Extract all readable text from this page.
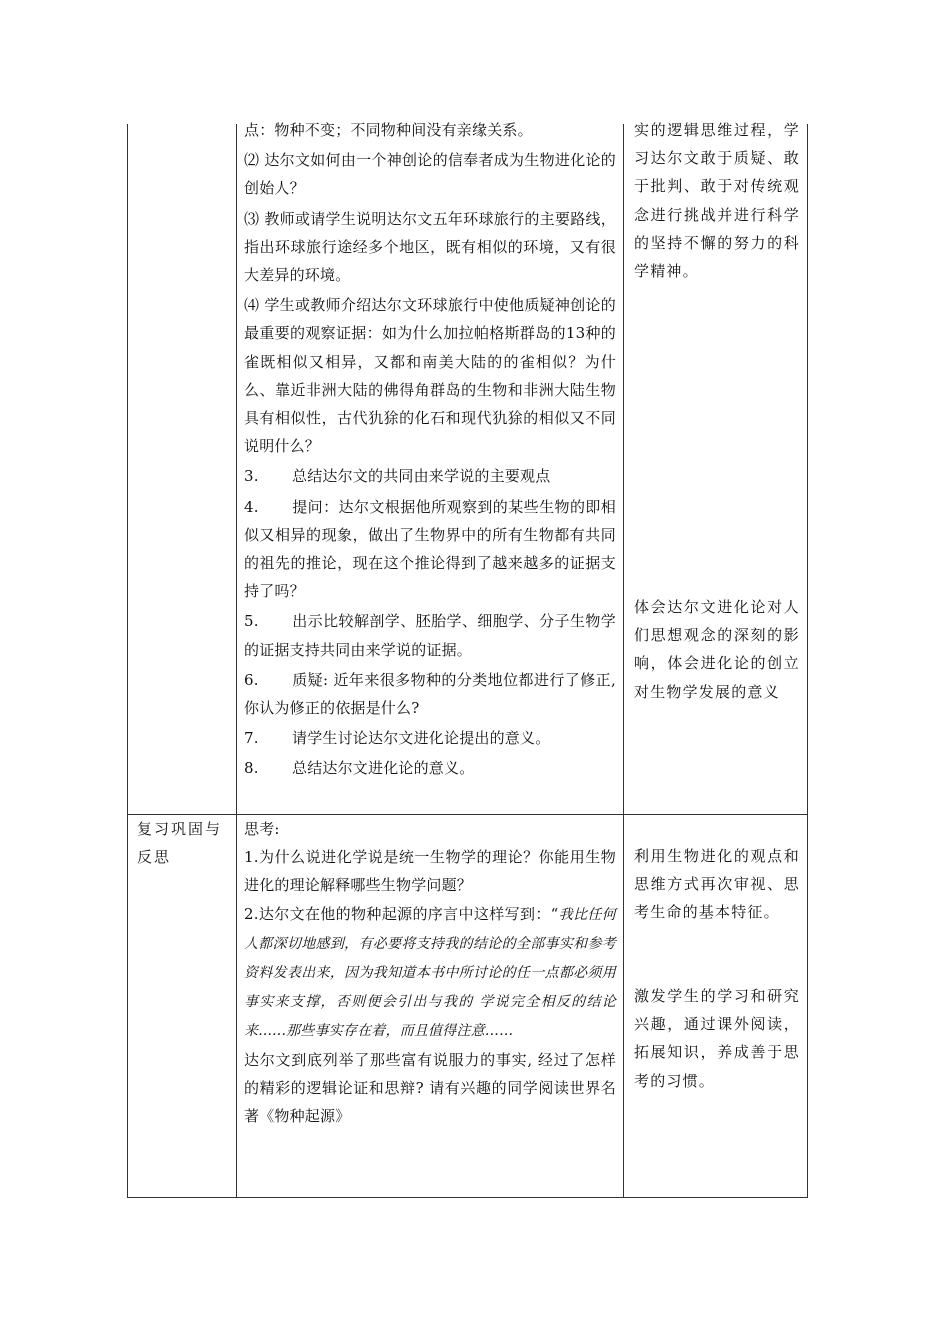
点：物种不变；不同物种间没有亲缘关系。

⑵ 达尔文如何由一个神创论的信奉者成为生物进化论的创始人？

⑶ 教师或请学生说明达尔文五年环球旅行的主要路线，指出环球旅行途经多个地区，既有相似的环境，又有很大差异的环境。

⑷ 学生或教师介绍达尔文环球旅行中使他质疑神创论的最重要的观察证据：如为什么加拉帕格斯群岛的13种的雀既相似又相异，又都和南美大陆的的雀相似？为什么、靠近非洲大陆的佛得角群岛的生物和非洲大陆生物具有相似性，古代犰狳的化石和现代犰狳的相似又不同说明什么？

3. 总结达尔文的共同由来学说的主要观点

4. 提问：达尔文根据他所观察到的某些生物的即相似又相异的现象，做出了生物界中的所有生物都有共同的祖先的推论，现在这个推论得到了越来越多的证据支持了吗？

5. 出示比较解剖学、胚胎学、细胞学、分子生物学的证据支持共同由来学说的证据。

6. 质疑: 近年来很多物种的分类地位都进行了修正,你认为修正的依据是什么?

7. 请学生讨论达尔文进化论提出的意义。

8. 总结达尔文进化论的意义。

实的逻辑思维过程，学习达尔文敢于质疑、敢于批判、敢于对传统观念进行挑战并进行科学的坚持不懈的努力的科学精神。

体会达尔文进化论对人们思想观念的深刻的影响，体会进化论的创立对生物学发展的意义

复习巩固与反思

思考:

1.为什么说进化学说是统一生物学的理论？你能用生物进化的理论解释哪些生物学问题？

2.达尔文在他的物种起源的序言中这样写到：“我比任何人都深切地感到，有必要将支持我的结论的全部事实和参考资料发表出来，因为我知道本书中所讨论的任一点都必须用事实来支撑，否则便会引出与我的 学说完全相反的结论来......那些事实存在着，而且值得注意……

达尔文到底列举了那些富有说服力的事实, 经过了怎样的精彩的逻辑论证和思辩? 请有兴趣的同学阅读世界名著《物种起源》

利用生物进化的观点和思维方式再次审视、思考生命的基本特征。

激发学生的学习和研究兴趣，通过课外阅读，拓展知识，养成善于思考的习惯。
